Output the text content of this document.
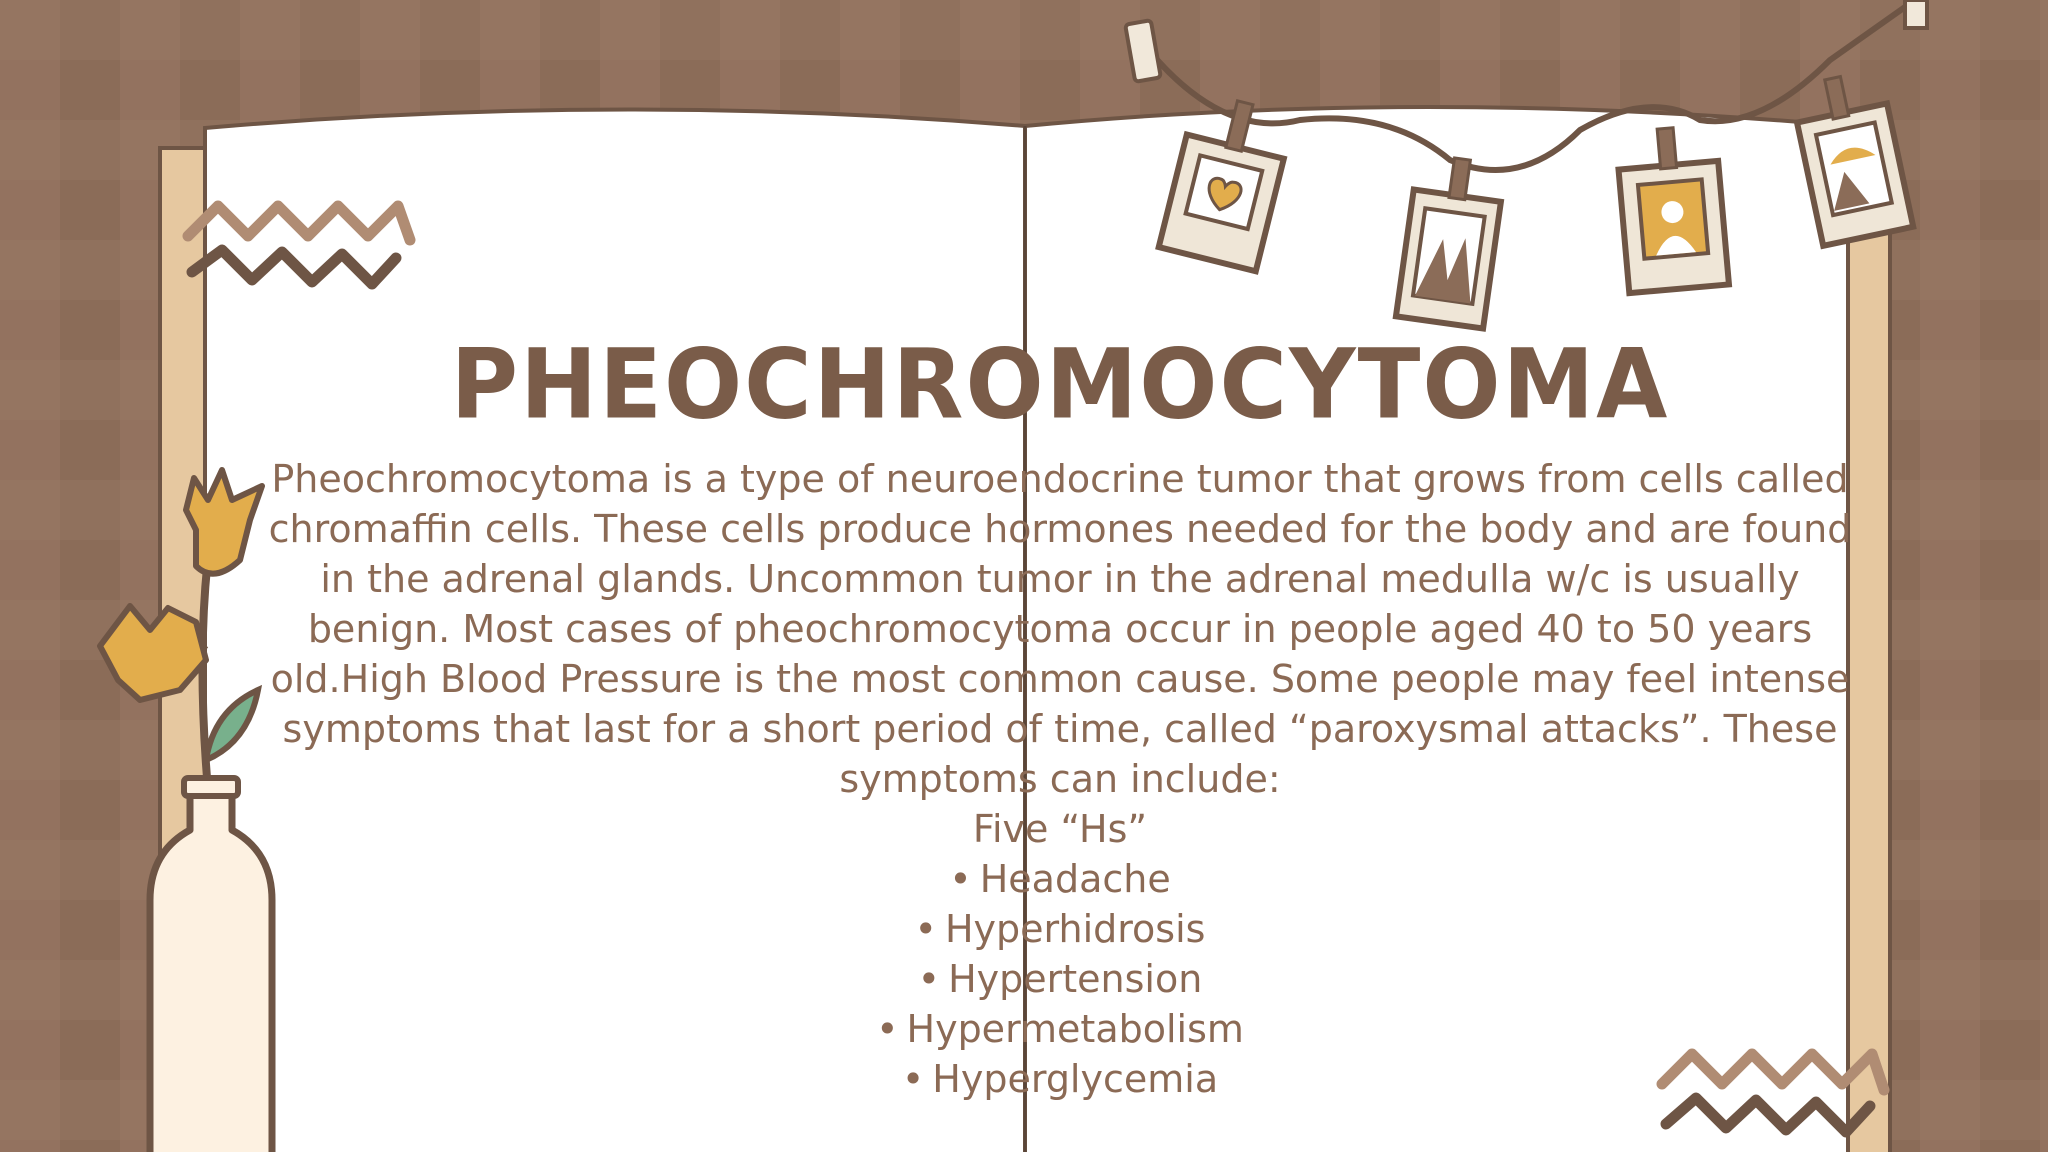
PHEOCHROMOCYTOMA

Pheochromocytoma is a type of neuroendocrine tumor that grows from cells called chromaffin cells. These cells produce hormones needed for the body and are found in the adrenal glands. Uncommon tumor in the adrenal medulla w/c is usually benign. Most cases of pheochromocytoma occur in people aged 40 to 50 years old.High Blood Pressure is the most common cause. Some people may feel intense symptoms that last for a short period of time, called “paroxysmal attacks”. These symptoms can include:

Five “Hs”

• Headache
• Hyperhidrosis
• Hypertension
• Hypermetabolism
• Hyperglycemia
